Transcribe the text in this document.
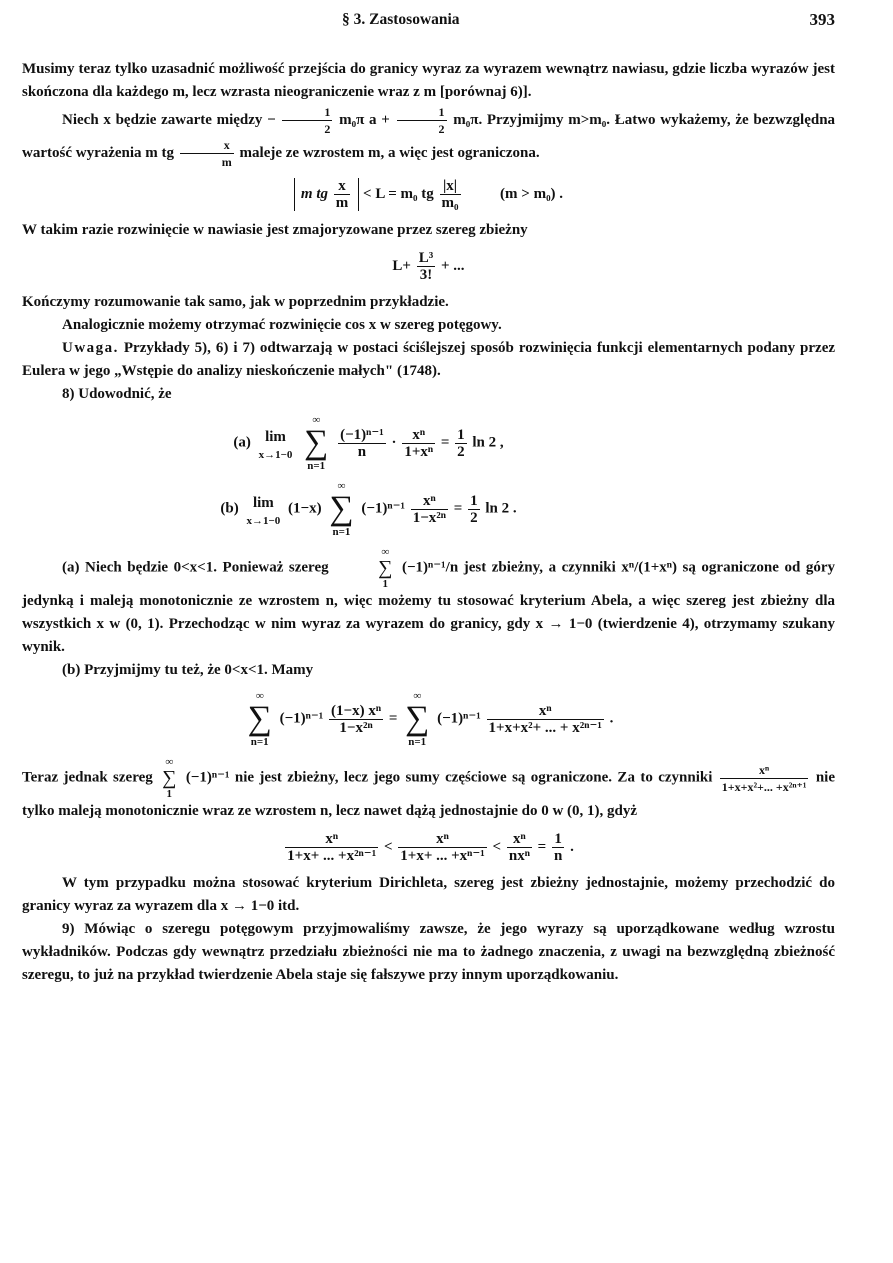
§ 3. Zastosowania	393

Musimy teraz tylko uzasadnić możliwość przejścia do granicy wyraz za wyrazem wewnątrz nawiasu, gdzie liczba wyrazów jest skończona dla każdego m, lecz wzrasta nieograniczenie wraz z m [porównaj 6)].

Niech x będzie zawarte między − $\frac{1}{2} m_0\pi$ $a + \frac{1}{2} m_0\pi$. Przyjmijmy m>m₀. Łatwo wykażemy, że bezwzględna wartość wyrażenia m tg $\frac{x}{m}$ maleje ze wzrostem m, a więc jest ograniczona.

m tg $\frac{x}{m} < L = m_0$ tg $\frac{|x|}{\text{m₀}}$	(m > m₀) .

W takim razie rozwinięcie w nawiasie jest zmajoryzowane przez szereg zbieżny

$L+ \frac{\text{L³}}{3!}$ + ...

Kończymy rozumowanie tak samo, jak w poprzednim przykładzie.

Analogicznie możemy otrzymać rozwinięcie cos x w szereg potęgowy.

Uwaga. Przykłady 5), 6) i 7) odtwarzają w postaci ściślejszej sposób rozwinięcia funkcji elementarnych podany przez Eulera w jego „Wstępie do analizy nieskończenie małych" (1748).

8) Udowodnić, że

(a) lim
x→1−0

∞
∑
n=1

$\frac{\text{(−1)ⁿ⁻¹}}{n} \cdot \frac{\text{xⁿ}}{\text{1+xⁿ}} = \frac{1}{2}$ ln 2 ,
(b) lim
x→1−0
(1−x)
∞
∑
n=1
$(-1)^{n-1} \frac{\text{xⁿ}}{\text{1−x²ⁿ}} = \frac{1}{2}$ ln 2 .

(a) Niech będzie 0<x<1. Ponieważ szereg
∞
∑
1
(−1)ⁿ⁻¹/n jest zbieżny, a czynniki xⁿ/(1+xⁿ) są ograniczone od góry jedynką i maleją monotonicznie ze wzrostem n, więc możemy tu stosować kryterium Abela, a więc szereg jest zbieżny dla wszystkich x w (0, 1). Przechodząc w nim wyraz za wyrazem do granicy, gdy x → 1−0 (twierdzenie 4), otrzymamy szukany wynik.

(b) Przyjmijmy tu też, że 0<x<1. Mamy

∞
∑
n=1
$(-1)^{n-1} \frac{\text{(1−x) xⁿ}}{\text{1−x²ⁿ}}$ =
∞
∑
n=1
$(-1)^{n-1} \frac{\text{xⁿ}}{\text{1+x+x²+ ... + x²ⁿ⁻¹}}$ .

Teraz jednak szereg
∞
∑
1
(−1)ⁿ⁻¹ nie jest zbieżny, lecz jego sumy częściowe są ograniczone. Za to czynniki $\frac{\text{xⁿ}}{\text{1+x+x²+... +x²ⁿ⁺¹}}$ nie tylko maleją monotonicznie wraz ze wzrostem n, lecz nawet dążą jednostajnie do 0 w (0, 1), gdyż

$\frac{\text{xⁿ}}{\text{1+x+ ... +x²ⁿ⁻¹}} < \frac{\text{xⁿ}}{\text{1+x+ ... +xⁿ⁻¹}} < \frac{\text{xⁿ}}{\text{nxⁿ}} = \frac{1}{n}$ .

W tym przypadku można stosować kryterium Dirichleta, szereg jest zbieżny jednostajnie, możemy przechodzić do granicy wyraz za wyrazem dla x → 1−0 itd.

9) Mówiąc o szeregu potęgowym przyjmowaliśmy zawsze, że jego wyrazy są uporządkowane według wzrostu wykładników. Podczas gdy wewnątrz przedziału zbieżności nie ma to żadnego znaczenia, z uwagi na bezwzględną zbieżność szeregu, to już na przykład twierdzenie Abela staje się fałszywe przy innym uporządkowaniu.
